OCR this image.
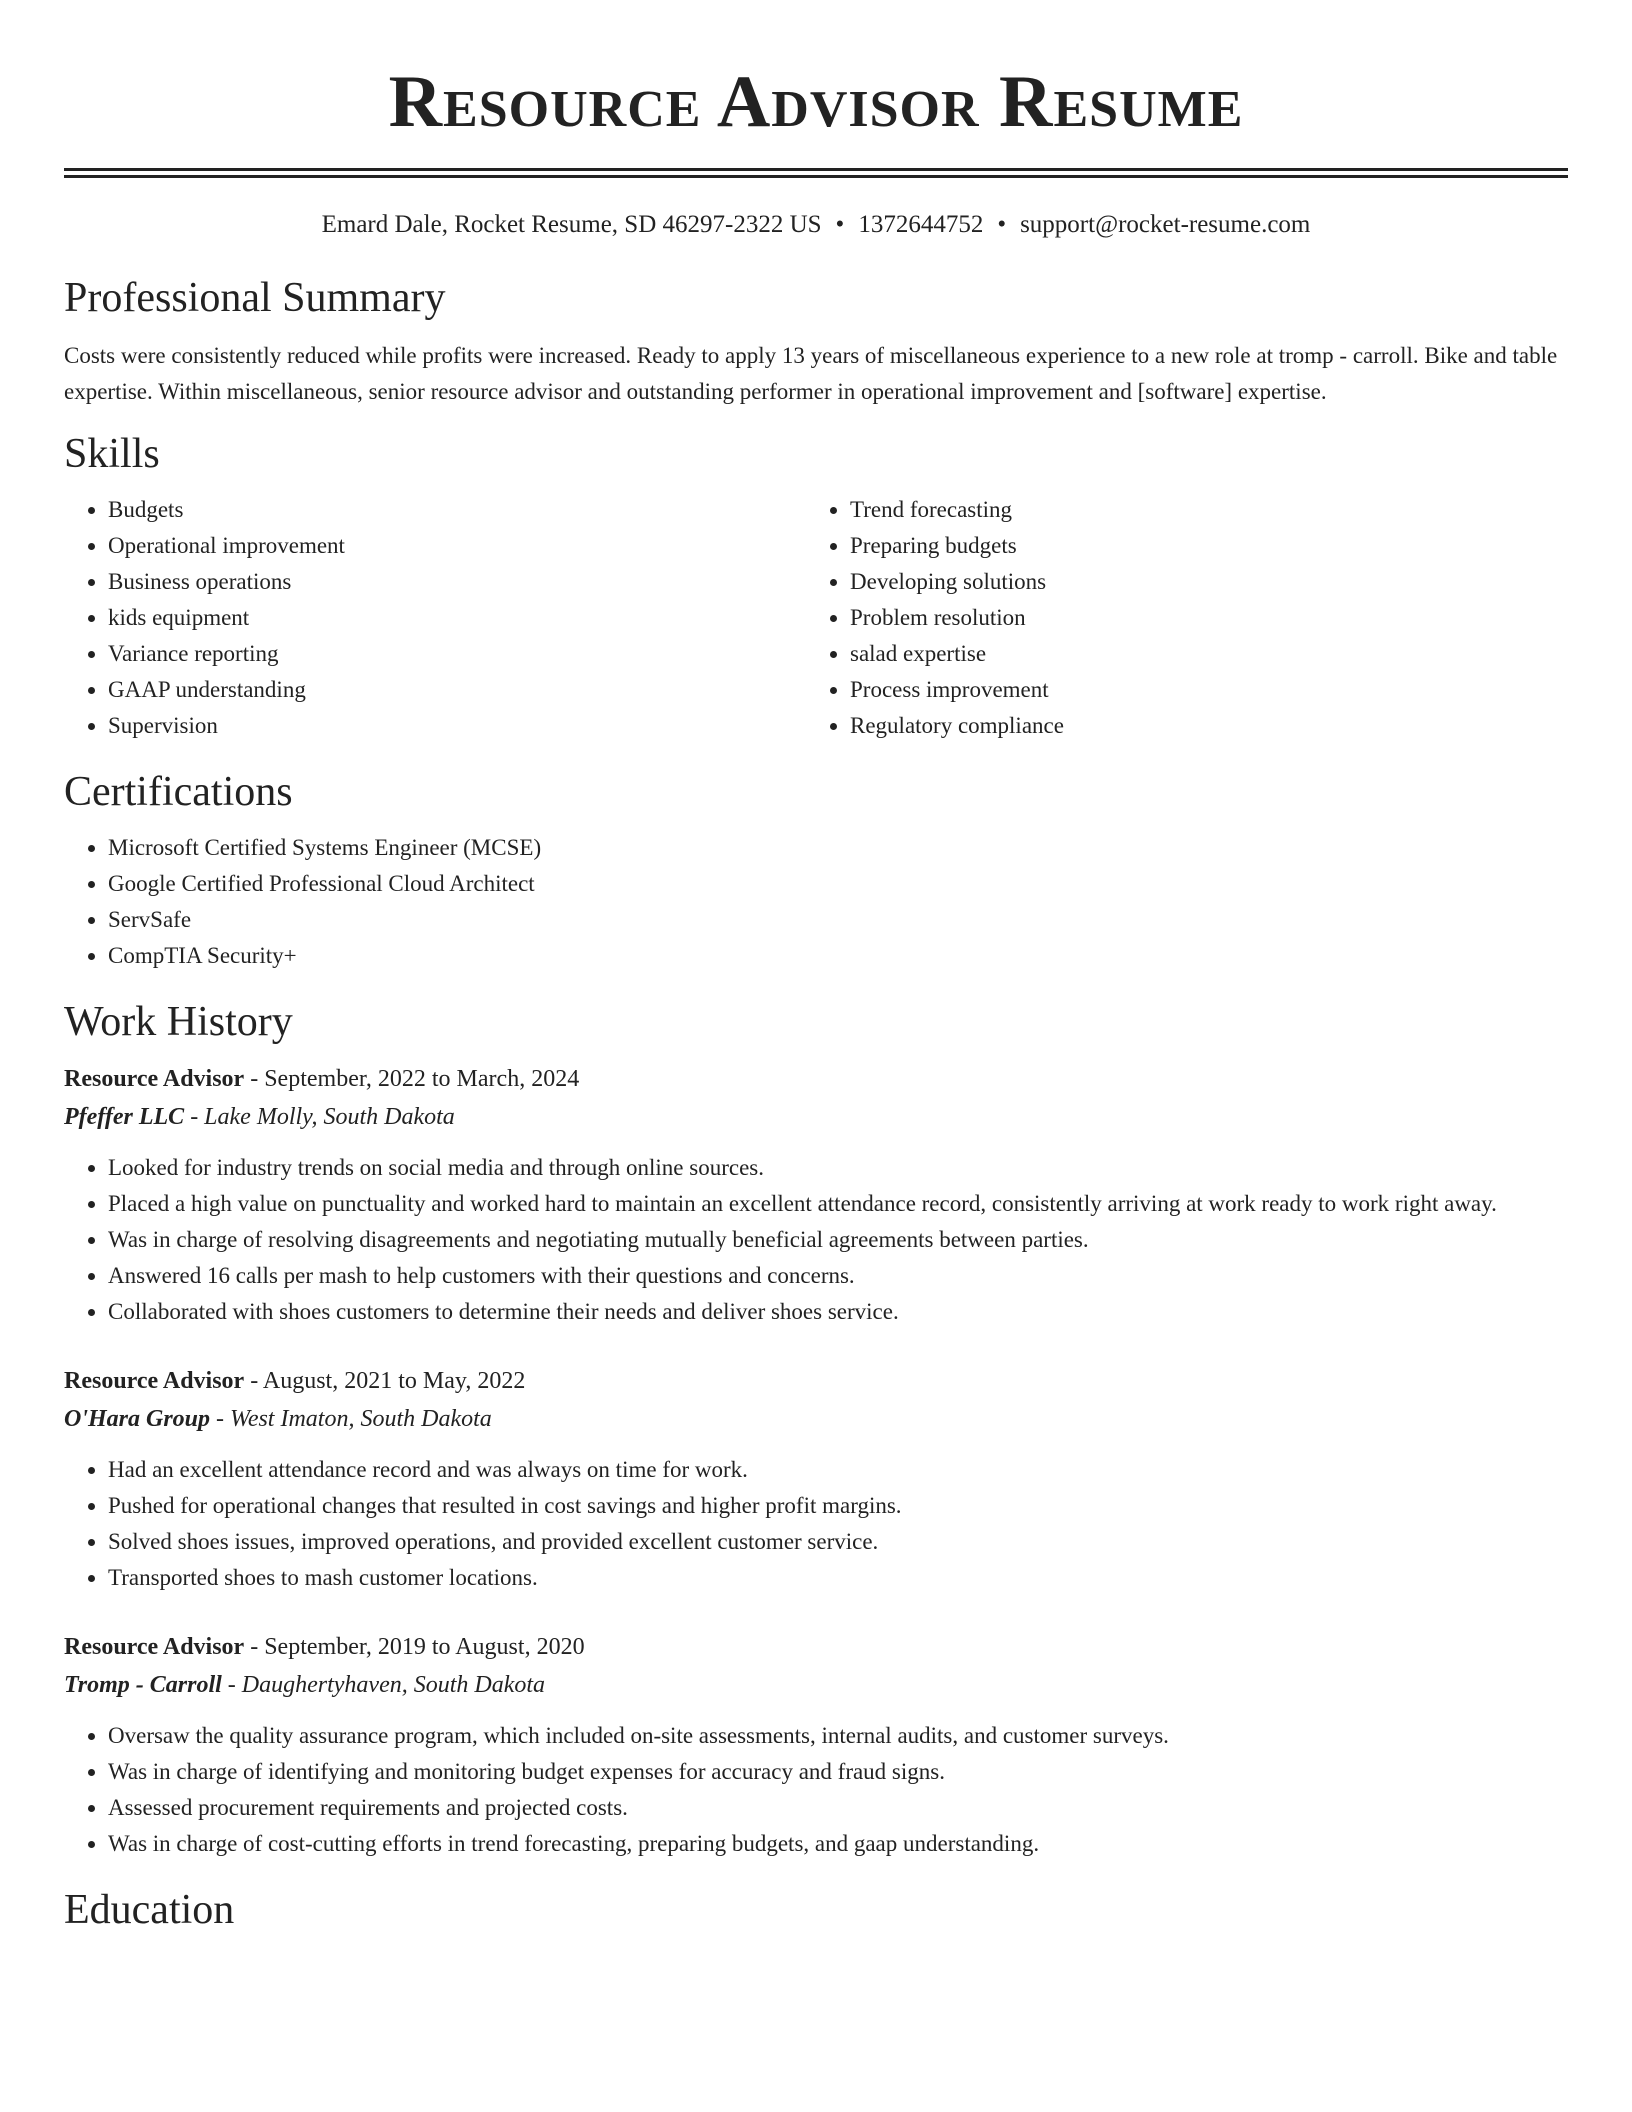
Resource Advisor Resume
Emard Dale, Rocket Resume, SD 46297-2322 US • 1372644752 • support@rocket-resume.com
Professional Summary

Costs were consistently reduced while profits were increased. Ready to apply 13 years of miscellaneous experience to a new role at tromp - carroll. Bike and table expertise. Within miscellaneous, senior resource advisor and outstanding performer in operational improvement and [software] expertise.

Skills
• Budgets
• Operational improvement
• Business operations
• kids equipment
• Variance reporting
• GAAP understanding
• Supervision
• Trend forecasting
• Preparing budgets
• Developing solutions
• Problem resolution
• salad expertise
• Process improvement
• Regulatory compliance
Certifications
• Microsoft Certified Systems Engineer (MCSE)
• Google Certified Professional Cloud Architect
• ServSafe
• CompTIA Security+
Work History
Resource Advisor - September, 2022 to March, 2024
Pfeffer LLC - Lake Molly, South Dakota
• Looked for industry trends on social media and through online sources.
• Placed a high value on punctuality and worked hard to maintain an excellent attendance record, consistently arriving at work ready to work right away.
• Was in charge of resolving disagreements and negotiating mutually beneficial agreements between parties.
• Answered 16 calls per mash to help customers with their questions and concerns.
• Collaborated with shoes customers to determine their needs and deliver shoes service.
Resource Advisor - August, 2021 to May, 2022
O'Hara Group - West Imaton, South Dakota
• Had an excellent attendance record and was always on time for work.
• Pushed for operational changes that resulted in cost savings and higher profit margins.
• Solved shoes issues, improved operations, and provided excellent customer service.
• Transported shoes to mash customer locations.
Resource Advisor - September, 2019 to August, 2020
Tromp - Carroll - Daughertyhaven, South Dakota
• Oversaw the quality assurance program, which included on-site assessments, internal audits, and customer surveys.
• Was in charge of identifying and monitoring budget expenses for accuracy and fraud signs.
• Assessed procurement requirements and projected costs.
• Was in charge of cost-cutting efforts in trend forecasting, preparing budgets, and gaap understanding.
Education
